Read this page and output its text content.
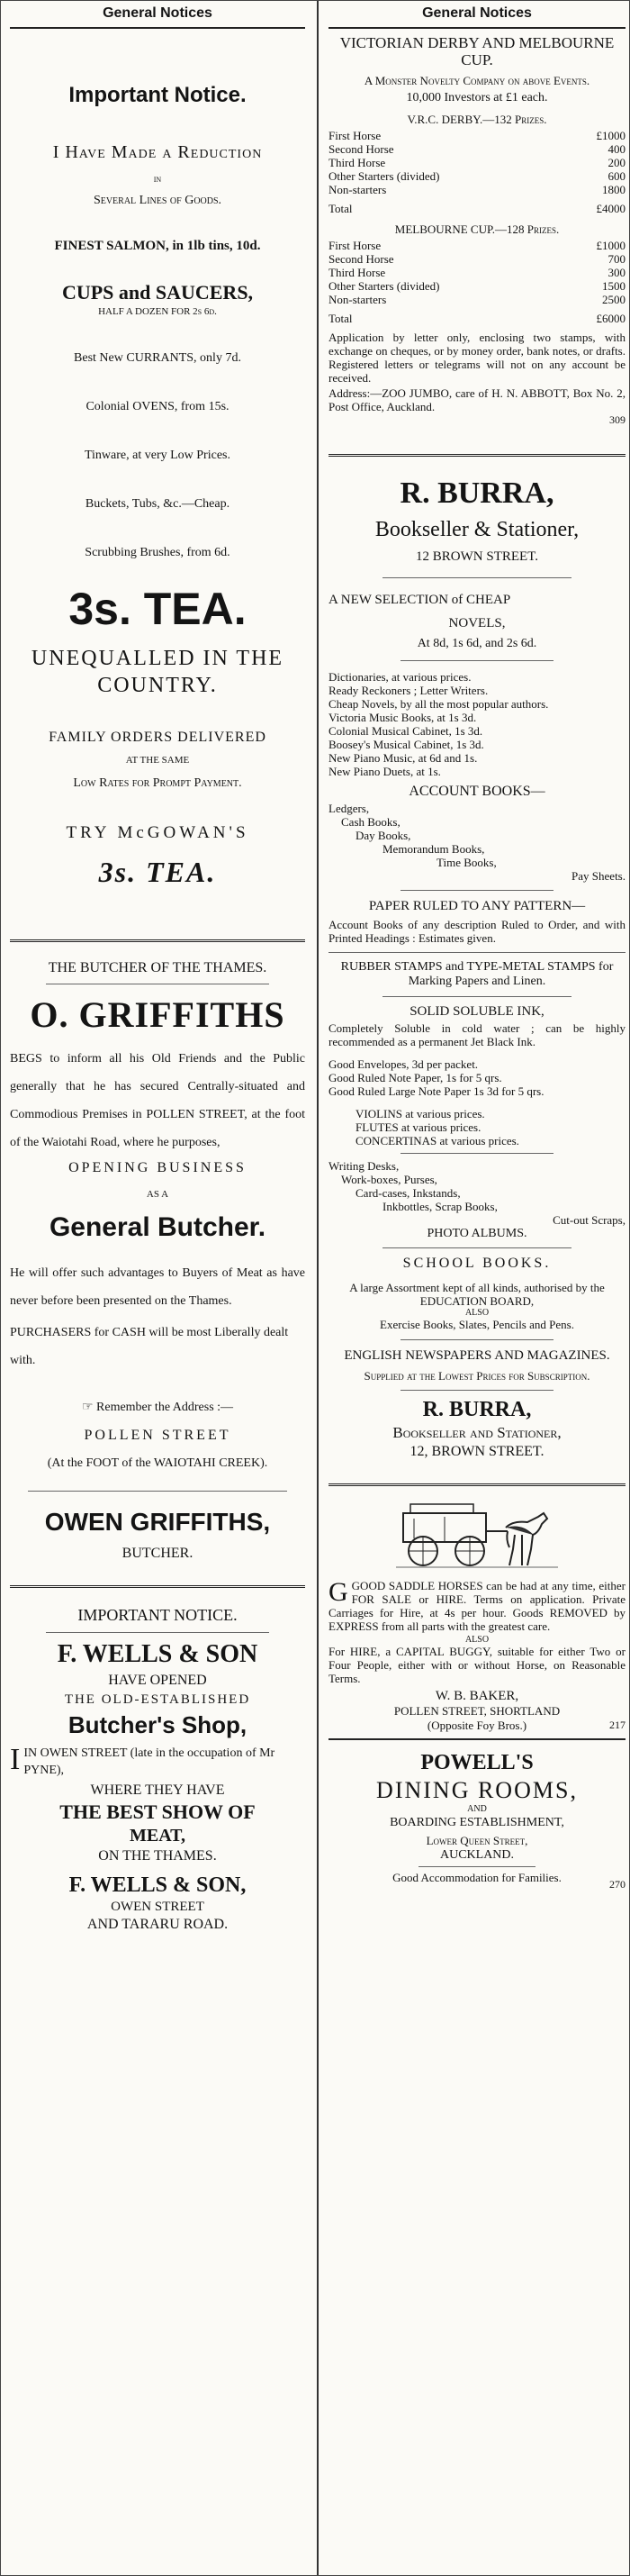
General Notices
Important Notice.
I Have Made a Reduction
in
Several Lines of Goods.
FINEST SALMON, in 1lb tins, 10d.
CUPS and SAUCERS,
HALF A DOZEN FOR 2s 6d.
Best New CURRANTS, only 7d.
Colonial OVENS, from 15s.
Tinware, at very Low Prices.
Buckets, Tubs, &c.—Cheap.
Scrubbing Brushes, from 6d.
3s. TEA.
UNEQUALLED IN THE COUNTRY.
FAMILY ORDERS DELIVERED
AT THE SAME
Low Rates for Prompt Payment.
TRY McGOWAN'S
3s. TEA.
THE BUTCHER OF THE THAMES.
O. GRIFFITHS

BEGS to inform all his Old Friends and the Public generally that he has secured Centrally-situated and Commodious Premises in POLLEN STREET, at the foot of the Waiotahi Road, where he purposes,

OPENING BUSINESS
AS A
General Butcher.

He will offer such advantages to Buyers of Meat as have never before been presented on the Thames.

PURCHASERS for CASH will be most Liberally dealt with.

☞ Remember the Address :—
POLLEN STREET
(At the FOOT of the WAIOTAHI CREEK).
OWEN GRIFFITHS,
BUTCHER.
IMPORTANT NOTICE.
F. WELLS & SON
HAVE OPENED
THE OLD-ESTABLISHED
Butcher's Shop,

IIN OWEN STREET (late in the occupation of Mr PYNE),

WHERE THEY HAVE
THE BEST SHOW OF
MEAT,
ON THE THAMES.
F. WELLS & SON,
OWEN STREET
AND TARARU ROAD.
General Notices
VICTORIAN DERBY AND MELBOURNE CUP.
A Monster Novelty Company on above Events.
10,000 Investors at £1 each.
V.R.C. DERBY.—132 Prizes.
First Horse	£1000
Second Horse	400
Third Horse	200
Other Starters (divided)	600
Non-starters	1800
Total	£4000
MELBOURNE CUP.—128 Prizes.
First Horse	£1000
Second Horse	700
Third Horse	300
Other Starters (divided)	1500
Non-starters	2500
Total	£6000

Application by letter only, enclosing two stamps, with exchange on cheques, or by money order, bank notes, or drafts. Registered letters or telegrams will not on any account be received.

Address:—ZOO JUMBO, care of H. N. ABBOTT, Box No. 2, Post Office, Auckland.

309
R. BURRA,
Bookseller & Stationer,
12 BROWN STREET.

A NEW SELECTION of CHEAP

NOVELS,
At 8d, 1s 6d, and 2s 6d.
Dictionaries, at various prices.
Ready Reckoners ; Letter Writers.
Cheap Novels, by all the most popular authors.
Victoria Music Books, at 1s 3d.
Colonial Musical Cabinet, 1s 3d.
Boosey's Musical Cabinet, 1s 3d.
New Piano Music, at 6d and 1s.
New Piano Duets, at 1s.
ACCOUNT BOOKS—
Ledgers,
Cash Books,
Day Books,
Memorandum Books,
Time Books,
Pay Sheets.
PAPER RULED TO ANY PATTERN—

Account Books of any description Ruled to Order, and with Printed Headings : Estimates given.

RUBBER STAMPS and TYPE-METAL STAMPS for Marking Papers and Linen.

SOLID SOLUBLE INK,

Completely Soluble in cold water ; can be highly recommended as a permanent Jet Black Ink.

Good Envelopes, 3d per packet.
Good Ruled Note Paper, 1s for 5 qrs.
Good Ruled Large Note Paper 1s 3d for 5 qrs.
VIOLINS at various prices.
FLUTES at various prices.
CONCERTINAS at various prices.
Writing Desks,
Work-boxes, Purses,
Card-cases, Inkstands,
Inkbottles, Scrap Books,
Cut-out Scraps,
PHOTO ALBUMS.
SCHOOL BOOKS.

A large Assortment kept of all kinds, authorised by the EDUCATION BOARD,

ALSO
Exercise Books, Slates, Pencils and Pens.
ENGLISH NEWSPAPERS AND MAGAZINES.

Supplied at the Lowest Prices for Subscription.

R. BURRA,
Bookseller and Stationer,
12, BROWN STREET.

GGOOD SADDLE HORSES can be had at any time, either FOR SALE or HIRE. Terms on application. Private Carriages for Hire, at 4s per hour. Goods REMOVED by EXPRESS from all parts with the greatest care.

ALSO

For HIRE, a CAPITAL BUGGY, suitable for either Two or Four People, either with or without Horse, on Reasonable Terms.

W. B. BAKER,
POLLEN STREET, SHORTLAND
(Opposite Foy Bros.)	217
POWELL'S
DINING ROOMS,
AND
BOARDING ESTABLISHMENT,
Lower Queen Street,
AUCKLAND.
Good Accommodation for Families.	270
